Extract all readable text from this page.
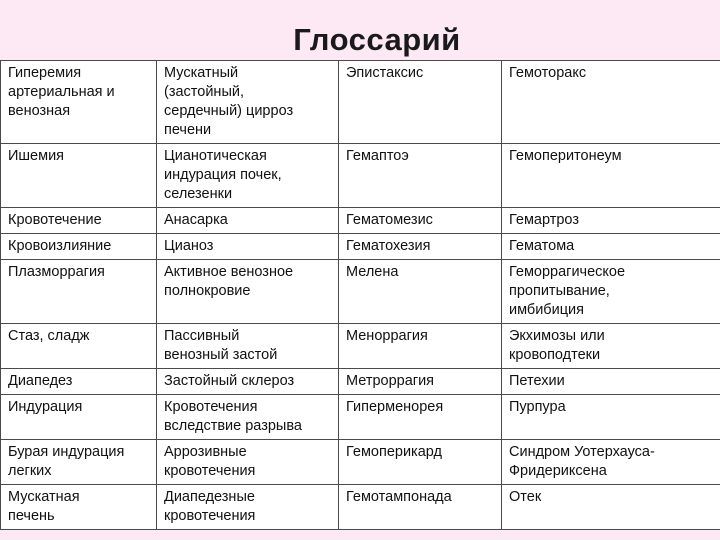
Глоссарий
Гиперемия
артериальная и
венозная	Мускатный
(застойный,
сердечный) цирроз
печени	Эпистаксис	Гемоторакс
Ишемия	Цианотическая
индурация почек,
селезенки	Гемаптоэ	Гемоперитонеум
Кровотечение	Анасарка	Гематомезис	Гемартроз
Кровоизлияние	Цианоз	Гематохезия	Гематома
Плазморрагия	Активное венозное
полнокровие	Мелена	Геморрагическое
пропитывание,
имбибиция
Стаз, сладж	Пассивный
венозный застой	Меноррагия	Экхимозы или
кровоподтеки
Диапедез	Застойный склероз	Метроррагия	Петехии
Индурация	Кровотечения
вследствие разрыва	Гиперменорея	Пурпура
Бурая индурация
легких	Аррозивные
кровотечения	Гемоперикард	Синдром Уотерхауса-
Фридериксена
Мускатная
печень	Диапедезные
кровотечения	Гемотампонада	Отек
